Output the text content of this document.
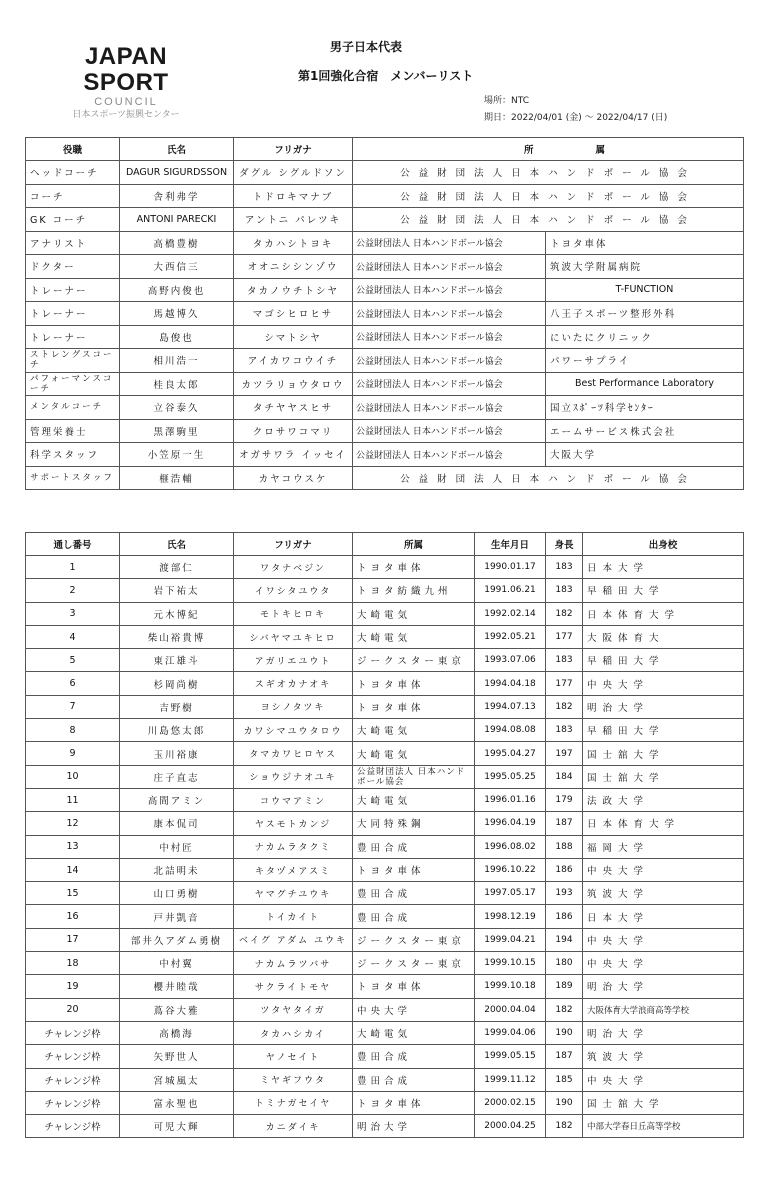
JAPAN SPORT
COUNCIL
日本スポーツ振興センター
男子日本代表
第1回強化合宿　メンバーリスト
場所：NTC
期日：2022/04/01 (金) ～ 2022/04/17 (日)
役職	氏名	フリガナ	所	属
ヘッドコーチ	DAGUR SIGURDSSON	ダグル シグルドソン	公益財団法人日本ハンドボール協会	
コーチ	舎利弗学	トドロキマナブ	公益財団法人日本ハンドボール協会	
GK コーチ	ANTONI PARECKI	アントニ パレツキ	公益財団法人日本ハンドボール協会	
アナリスト	高橋豊樹	タカハシトヨキ	公益財団法人 日本ハンドボール協会	トヨタ車体
ドクター	大西信三	オオニシシンゾウ	公益財団法人 日本ハンドボール協会	筑波大学附属病院
トレーナー	高野内俊也	タカノウチトシヤ	公益財団法人 日本ハンドボール協会	T-FUNCTION
トレーナー	馬越博久	マゴシヒロヒサ	公益財団法人 日本ハンドボール協会	八王子スポーツ整形外科
トレーナー	島俊也	シマトシヤ	公益財団法人 日本ハンドボール協会	にいたにクリニック
ストレングスコーチ	相川浩一	アイカワコウイチ	公益財団法人 日本ハンドボール協会	パワーサプライ
パフォーマンスコーチ	桂良太郎	カツラリョウタロウ	公益財団法人 日本ハンドボール協会	Best Performance Laboratory
メンタルコーチ	立谷泰久	タチヤヤスヒサ	公益財団法人 日本ハンドボール協会	国立ｽﾎﾟｰﾂ科学ｾﾝﾀｰ
管理栄養士	黒澤駒里	クロサワコマリ	公益財団法人 日本ハンドボール協会	エームサービス株式会社
科学スタッフ	小笠原一生	オガサワラ イッセイ	公益財団法人 日本ハンドボール協会	大阪大学
サポートスタッフ	榧浩輔	カヤコウスケ	公益財団法人日本ハンドボール協会	
通し番号	氏名	フリガナ	所属	生年月日	身長	出身校
1	渡部仁	ワタナベジン	トヨタ車体	1990.01.17	183	日本大学
2	岩下祐太	イワシタユウタ	トヨタ紡織九州	1991.06.21	183	早稲田大学
3	元木博紀	モトキヒロキ	大崎電気	1992.02.14	182	日本体育大学
4	柴山裕貴博	シバヤマユキヒロ	大崎電気	1992.05.21	177	大阪体育大
5	東江雄斗	アガリエユウト	ジークスター東京	1993.07.06	183	早稲田大学
6	杉岡尚樹	スギオカナオキ	トヨタ車体	1994.04.18	177	中央大学
7	吉野樹	ヨシノタツキ	トヨタ車体	1994.07.13	182	明治大学
8	川島悠太郎	カワシマユウタロウ	大崎電気	1994.08.08	183	早稲田大学
9	玉川裕康	タマカワヒロヤス	大崎電気	1995.04.27	197	国士舘大学
10	庄子直志	ショウジナオユキ	公益財団法人 日本ハンドボール協会	1995.05.25	184	国士舘大学
11	高間アミン	コウマアミン	大崎電気	1996.01.16	179	法政大学
12	康本侃司	ヤスモトカンジ	大同特殊鋼	1996.04.19	187	日本体育大学
13	中村匠	ナカムラタクミ	豊田合成	1996.08.02	188	福岡大学
14	北詰明未	キタヅメアスミ	トヨタ車体	1996.10.22	186	中央大学
15	山口勇樹	ヤマグチユウキ	豊田合成	1997.05.17	193	筑波大学
16	戸井凱音	トイカイト	豊田合成	1998.12.19	186	日本大学
17	部井久アダム勇樹	ベイグ アダム ユウキ	ジークスター東京	1999.04.21	194	中央大学
18	中村翼	ナカムラツバサ	ジークスター東京	1999.10.15	180	中央大学
19	櫻井睦哉	サクライトモヤ	トヨタ車体	1999.10.18	189	明治大学
20	蔦谷大雅	ツタヤタイガ	中央大学	2000.04.04	182	大阪体育大学浪商高等学校
チャレンジ枠	高橋海	タカハシカイ	大崎電気	1999.04.06	190	明治大学
チャレンジ枠	矢野世人	ヤノセイト	豊田合成	1999.05.15	187	筑波大学
チャレンジ枠	宮城風太	ミヤギフウタ	豊田合成	1999.11.12	185	中央大学
チャレンジ枠	富永聖也	トミナガセイヤ	トヨタ車体	2000.02.15	190	国士舘大学
チャレンジ枠	可児大輝	カニダイキ	明治大学	2000.04.25	182	中部大学春日丘高等学校
